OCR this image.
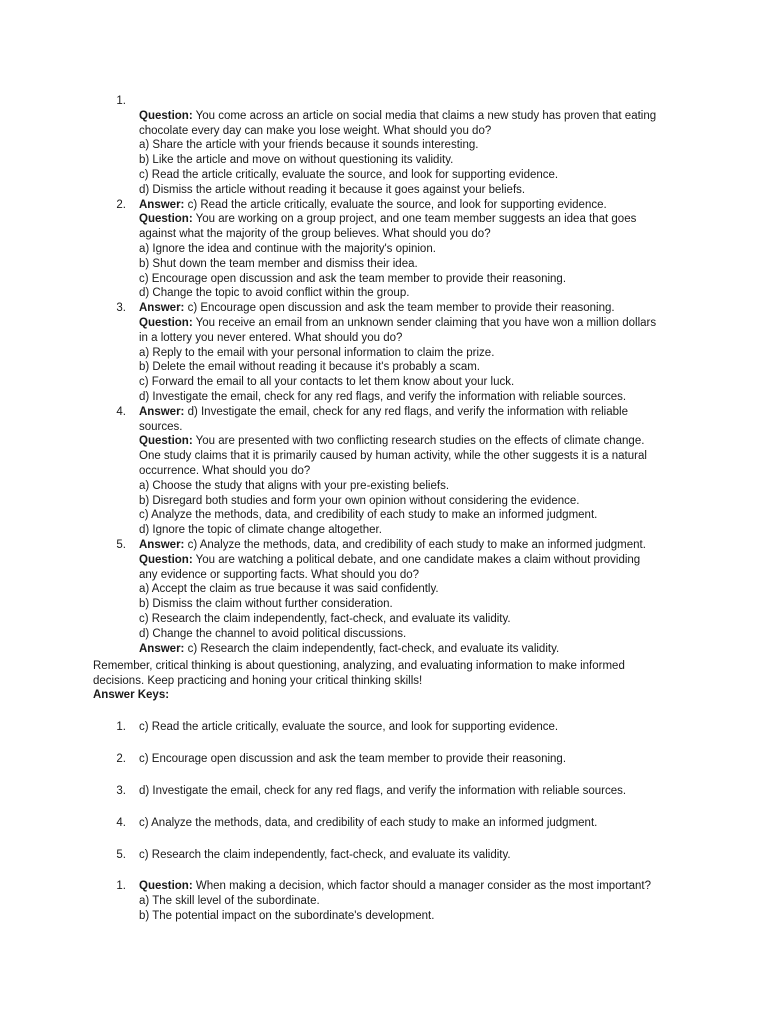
1.
Question: You come across an article on social media that claims a new study has proven that eating
chocolate every day can make you lose weight. What should you do?
a) Share the article with your friends because it sounds interesting.
b) Like the article and move on without questioning its validity.
c) Read the article critically, evaluate the source, and look for supporting evidence.
d) Dismiss the article without reading it because it goes against your beliefs.
2. Answer: c) Read the article critically, evaluate the source, and look for supporting evidence.
Question: You are working on a group project, and one team member suggests an idea that goes
against what the majority of the group believes. What should you do?
a) Ignore the idea and continue with the majority's opinion.
b) Shut down the team member and dismiss their idea.
c) Encourage open discussion and ask the team member to provide their reasoning.
d) Change the topic to avoid conflict within the group.
3. Answer: c) Encourage open discussion and ask the team member to provide their reasoning.
Question: You receive an email from an unknown sender claiming that you have won a million dollars
in a lottery you never entered. What should you do?
a) Reply to the email with your personal information to claim the prize.
b) Delete the email without reading it because it's probably a scam.
c) Forward the email to all your contacts to let them know about your luck.
d) Investigate the email, check for any red flags, and verify the information with reliable sources.
4. Answer: d) Investigate the email, check for any red flags, and verify the information with reliable
sources.
Question: You are presented with two conflicting research studies on the effects of climate change.
One study claims that it is primarily caused by human activity, while the other suggests it is a natural
occurrence. What should you do?
a) Choose the study that aligns with your pre-existing beliefs.
b) Disregard both studies and form your own opinion without considering the evidence.
c) Analyze the methods, data, and credibility of each study to make an informed judgment.
d) Ignore the topic of climate change altogether.
5. Answer: c) Analyze the methods, data, and credibility of each study to make an informed judgment.
Question: You are watching a political debate, and one candidate makes a claim without providing
any evidence or supporting facts. What should you do?
a) Accept the claim as true because it was said confidently.
b) Dismiss the claim without further consideration.
c) Research the claim independently, fact-check, and evaluate its validity.
d) Change the channel to avoid political discussions.
Answer: c) Research the claim independently, fact-check, and evaluate its validity.
Remember, critical thinking is about questioning, analyzing, and evaluating information to make informed
decisions. Keep practicing and honing your critical thinking skills!
Answer Keys:
1. c) Read the article critically, evaluate the source, and look for supporting evidence.
2. c) Encourage open discussion and ask the team member to provide their reasoning.
3. d) Investigate the email, check for any red flags, and verify the information with reliable sources.
4. c) Analyze the methods, data, and credibility of each study to make an informed judgment.
5. c) Research the claim independently, fact-check, and evaluate its validity.
1. Question: When making a decision, which factor should a manager consider as the most important?
a) The skill level of the subordinate.
b) The potential impact on the subordinate's development.
